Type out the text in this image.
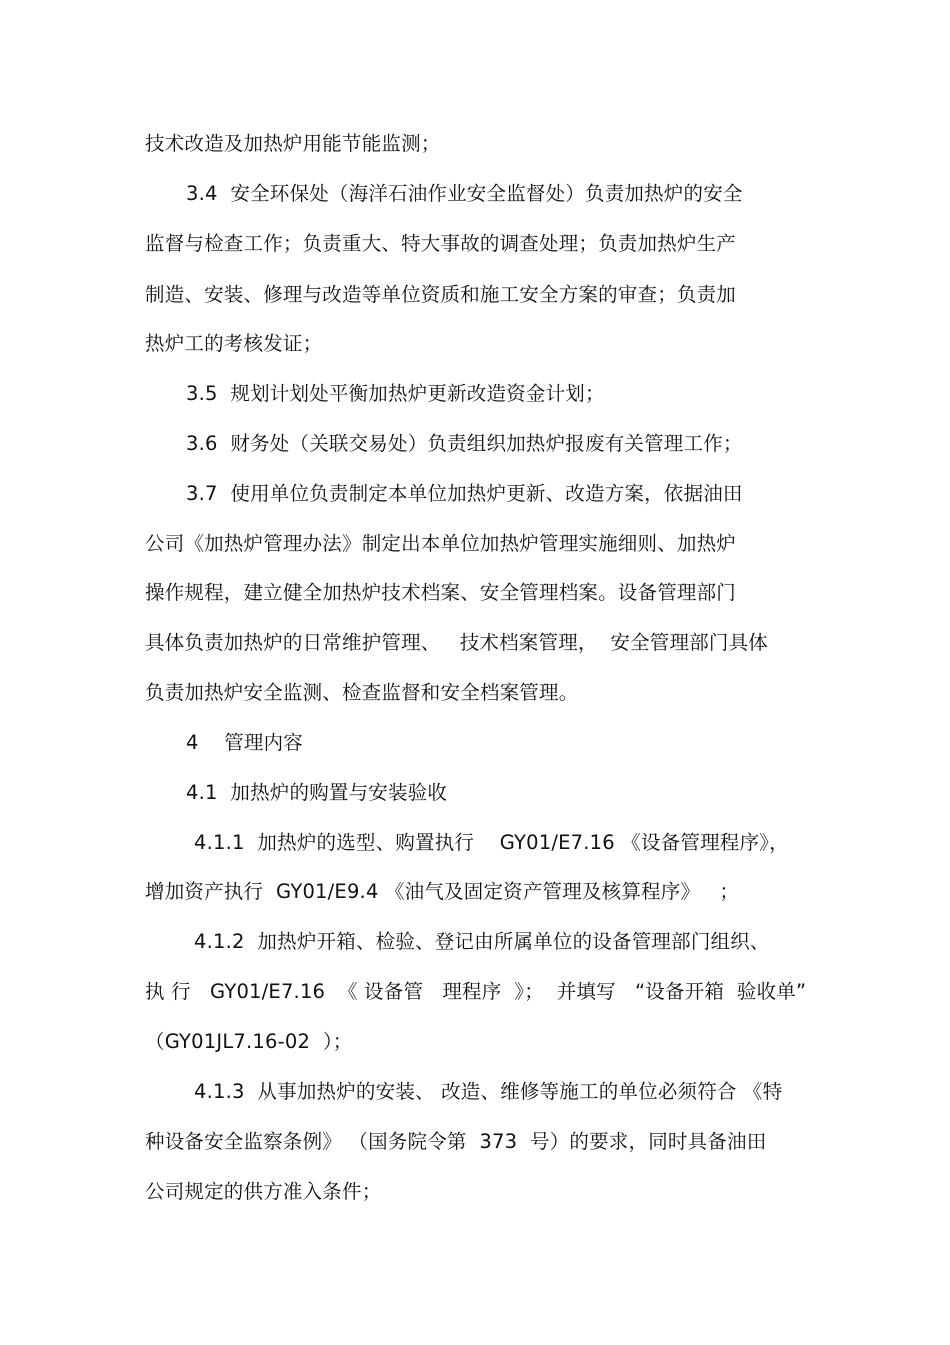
技术改造及加热炉用能节能监测；
3.4  安全环保处（海洋石油作业安全监督处）负责加热炉的安全
监督与检查工作；负责重大、特大事故的调查处理；负责加热炉生产
制造、安装、修理与改造等单位资质和施工安全方案的审查；负责加
热炉工的考核发证；
3.5  规划计划处平衡加热炉更新改造资金计划；
3.6  财务处（关联交易处）负责组织加热炉报废有关管理工作；
3.7  使用单位负责制定本单位加热炉更新、改造方案，依据油田
公司《加热炉管理办法》制定出本单位加热炉管理实施细则、加热炉
操作规程，建立健全加热炉技术档案、安全管理档案。设备管理部门
具体负责加热炉的日常维护管理、   技术档案管理，  安全管理部门具体
负责加热炉安全监测、检查监督和安全档案管理。
4    管理内容
4.1  加热炉的购置与安装验收
4.1.1  加热炉的选型、购置执行    GY01/E7.16 《设备管理程序》，
增加资产执行  GY01/E9.4 《油气及固定资产管理及核算程序》   ；
4.1.2  加热炉开箱、检验、登记由所属单位的设备管理部门组织、
执 行   GY01/E7.16  《 设备管   理程序  》；  并填写   “设备开箱  验收单”
（GY01JL7.16-02  ）；
4.1.3  从事加热炉的安装、 改造、维修等施工的单位必须符合 《特
种设备安全监察条例》 （国务院令第  373  号）的要求，同时具备油田
公司规定的供方准入条件；
